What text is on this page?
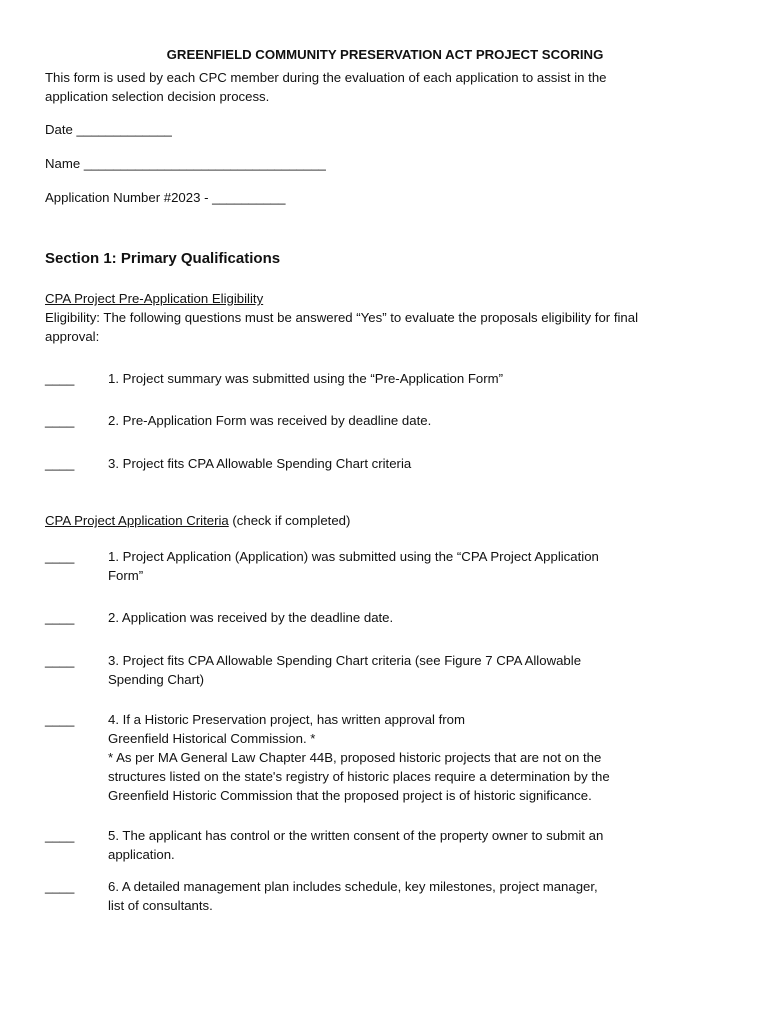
GREENFIELD COMMUNITY PRESERVATION ACT PROJECT SCORING
This form is used by each CPC member during the evaluation of each application to assist in the
application selection decision process.
Date _____________
Name _________________________________
Application Number #2023 - __________
Section 1: Primary Qualifications
CPA Project Pre-Application Eligibility
Eligibility: The following questions must be answered “Yes” to evaluate the proposals eligibility for final
approval:
____	1. Project summary was submitted using the “Pre-Application Form”
____	2. Pre-Application Form was received by deadline date.
____	3. Project fits CPA Allowable Spending Chart criteria
CPA Project Application Criteria (check if completed)
____	1. Project Application (Application) was submitted using the “CPA Project Application
Form”
____	2. Application was received by the deadline date.
____	3. Project fits CPA Allowable Spending Chart criteria (see Figure 7 CPA Allowable
Spending Chart)
____	4. If a Historic Preservation project, has written approval from
Greenfield Historical Commission. *
* As per MA General Law Chapter 44B, proposed historic projects that are not on the
structures listed on the state's registry of historic places require a determination by the
Greenfield Historic Commission that the proposed project is of historic significance.
____	5. The applicant has control or the written consent of the property owner to submit an
application.
____	6. A detailed management plan includes schedule, key milestones, project manager,
list of consultants.
